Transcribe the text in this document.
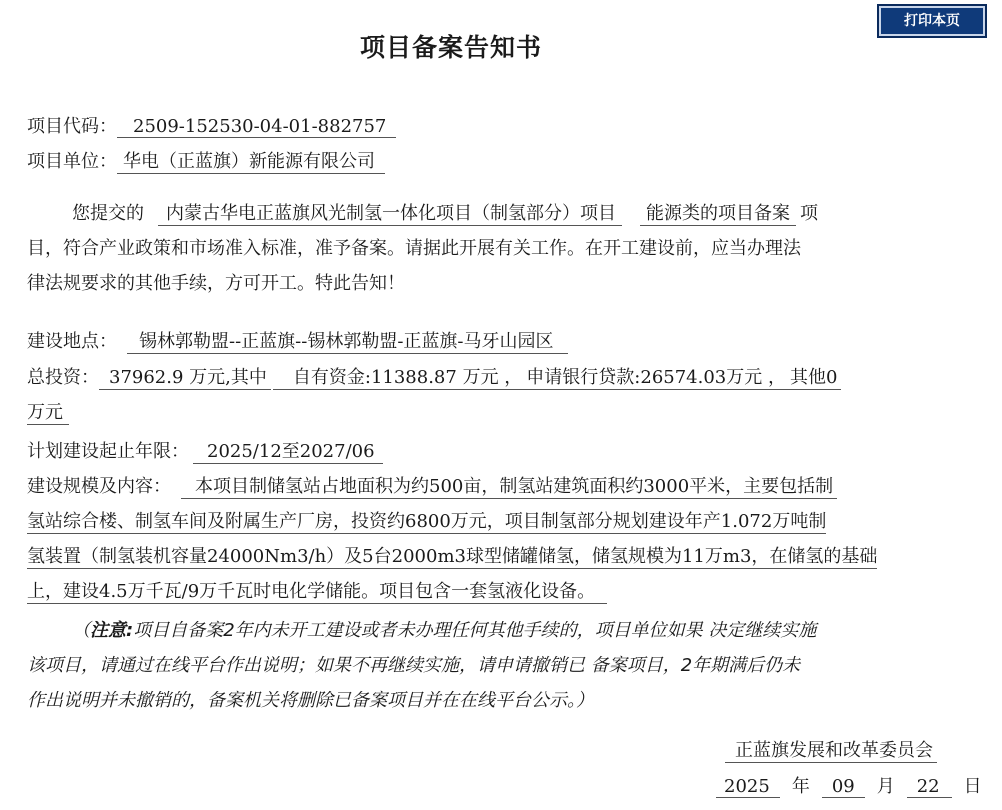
打印本页
项目备案告知书
项目代码： 2509-152530-04-01-882757
项目单位： 华电（正蓝旗）新能源有限公司
您提交的 内蒙古华电正蓝旗风光制氢一体化项目（制氢部分）项目 能源类的项目备案 项
目，符合产业政策和市场准入标准，准予备案。请据此开展有关工作。在开工建设前，应当办理法
律法规要求的其他手续，方可开工。特此告知！
建设地点： 锡林郭勒盟--正蓝旗--锡林郭勒盟-正蓝旗-马牙山园区
总投资： 37962.9 万元,其中 自有资金:11388.87 万元 ， 申请银行贷款:26574.03万元 ， 其他0
万元
计划建设起止年限： 2025/12至2027/06
建设规模及内容： 本项目制储氢站占地面积为约500亩，制氢站建筑面积约3000平米，主要包括制
氢站综合楼、制氢车间及附属生产厂房，投资约6800万元，项目制氢部分规划建设年产1.072万吨制
氢装置（制氢装机容量24000Nm3/h）及5台2000m3球型储罐储氢，储氢规模为11万m3，在储氢的基础
上，建设4.5万千瓦/9万千瓦时电化学储能。项目包含一套氢液化设备。
（注意:项目自备案2年内未开工建设或者未办理任何其他手续的，项目单位如果 决定继续实施
该项目，请通过在线平台作出说明；如果不再继续实施，请申请撤销已 备案项目，2年期满后仍未
作出说明并未撤销的，备案机关将删除已备案项目并在在线平台公示。）
正蓝旗发展和改革委员会
2025 年 09 月 22 日
